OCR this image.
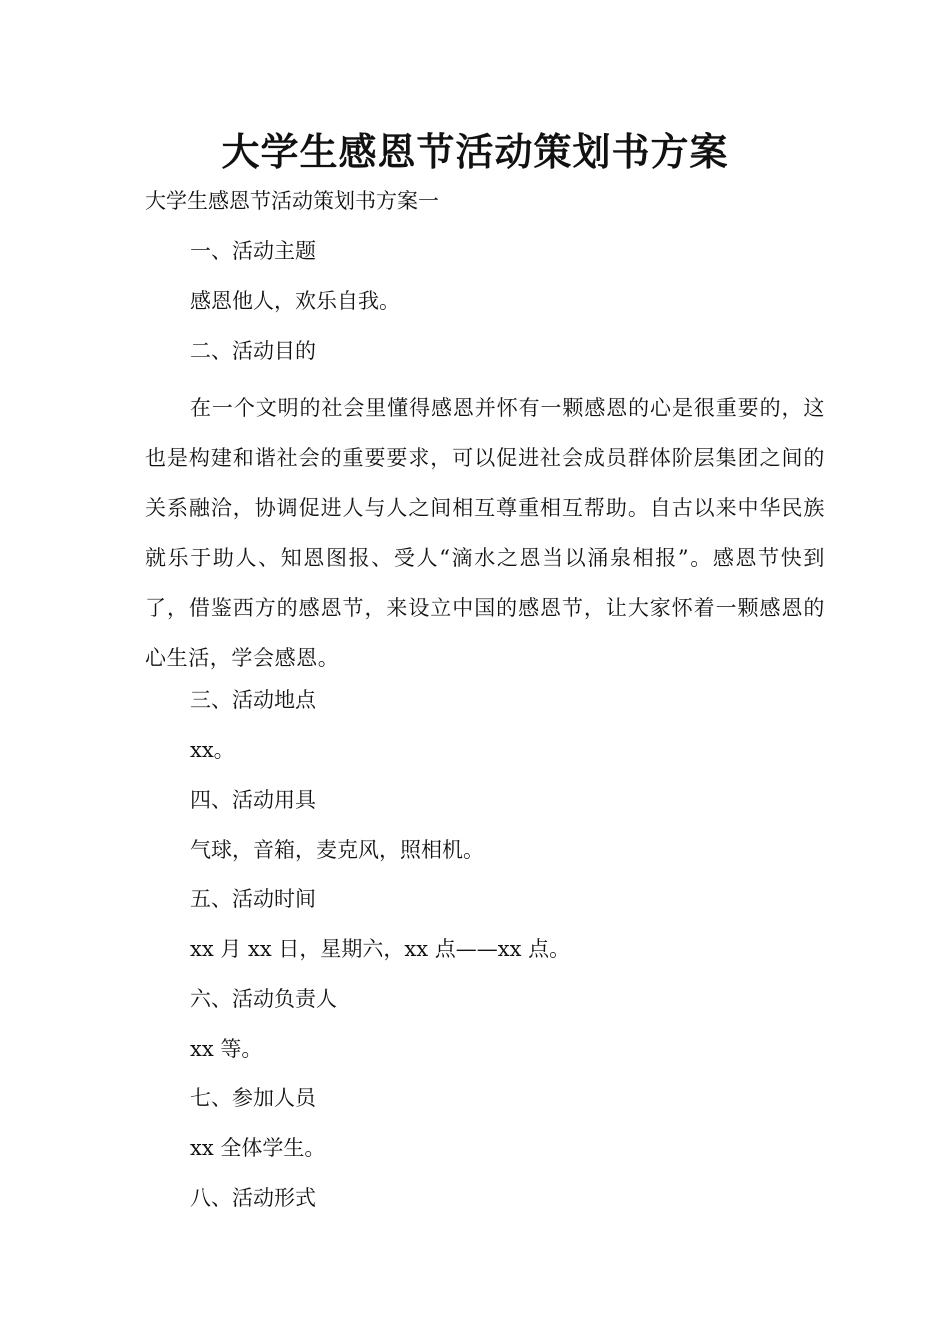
大学生感恩节活动策划书方案
大学生感恩节活动策划书方案一
一、活动主题
感恩他人，欢乐自我。
二、活动目的
在一个文明的社会里懂得感恩并怀有一颗感恩的心是很重要的，这也是构建和谐社会的重要要求，可以促进社会成员群体阶层集团之间的关系融洽，协调促进人与人之间相互尊重相互帮助。自古以来中华民族就乐于助人、知恩图报、受人“滴水之恩当以涌泉相报”。感恩节快到了，借鉴西方的感恩节，来设立中国的感恩节，让大家怀着一颗感恩的心生活，学会感恩。
三、活动地点
xx。
四、活动用具
气球，音箱，麦克风，照相机。
五、活动时间
xx 月 xx 日，星期六，xx 点——xx 点。
六、活动负责人
xx 等。
七、参加人员
xx 全体学生。
八、活动形式
